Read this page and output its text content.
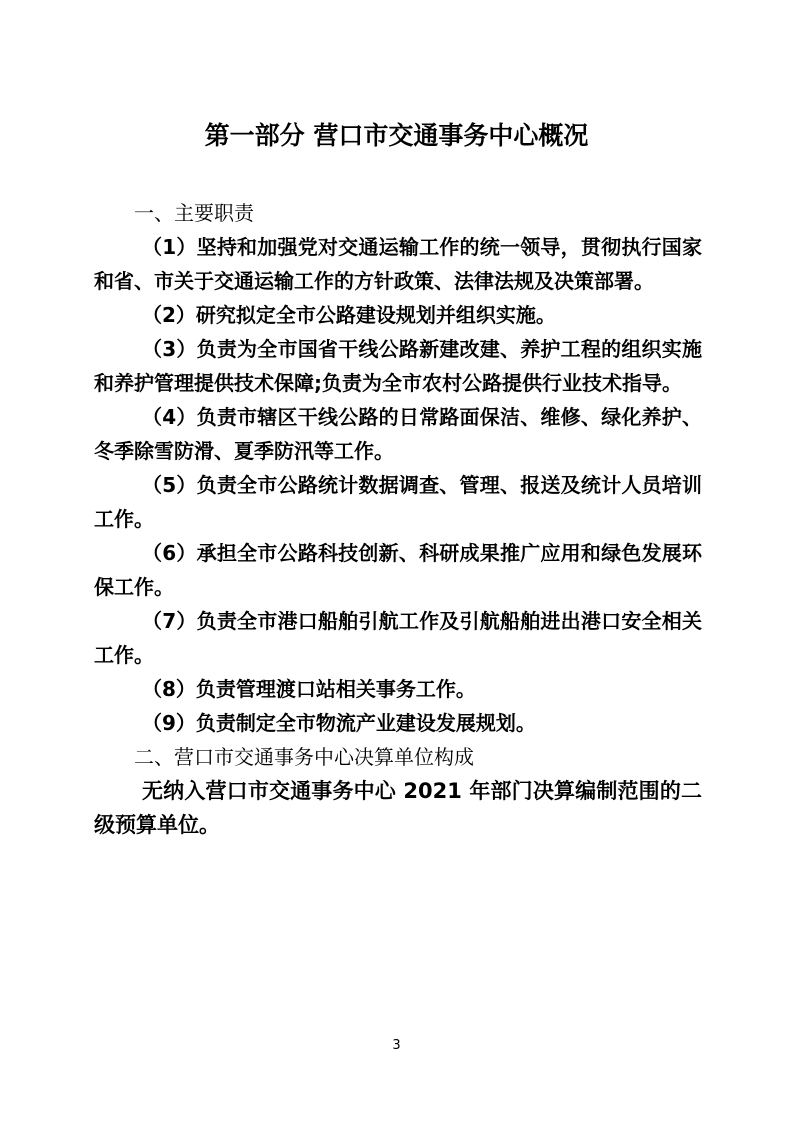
第一部分 营口市交通事务中心概况

一、主要职责

（1）坚持和加强党对交通运输工作的统一领导，贯彻执行国家和省、市关于交通运输工作的方针政策、法律法规及决策部署。

（2）研究拟定全市公路建设规划并组织实施。

（3）负责为全市国省干线公路新建改建、养护工程的组织实施和养护管理提供技术保障;负责为全市农村公路提供行业技术指导。

（4）负责市辖区干线公路的日常路面保洁、维修、绿化养护、冬季除雪防滑、夏季防汛等工作。

（5）负责全市公路统计数据调查、管理、报送及统计人员培训工作。

（6）承担全市公路科技创新、科研成果推广应用和绿色发展环保工作。

（7）负责全市港口船舶引航工作及引航船舶进出港口安全相关工作。

（8）负责管理渡口站相关事务工作。

（9）负责制定全市物流产业建设发展规划。

二、营口市交通事务中心决算单位构成

无纳入营口市交通事务中心 2021 年部门决算编制范围的二级预算单位。

3
